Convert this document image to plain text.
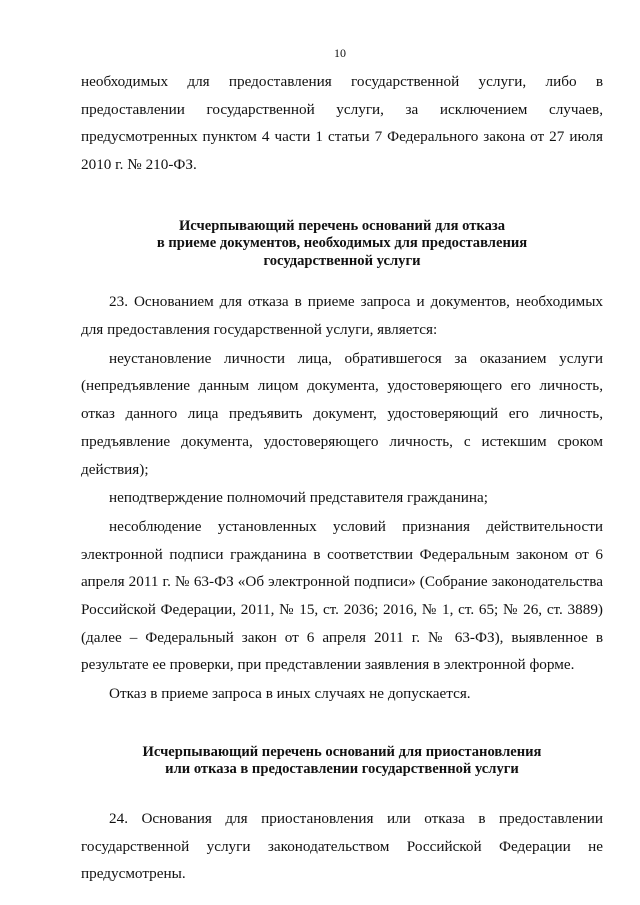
10

необходимых для предоставления государственной услуги, либо в предоставлении государственной услуги, за исключением случаев, предусмотренных пунктом 4 части 1 статьи 7 Федерального закона от 27 июля 2010 г. № 210-ФЗ.

Исчерпывающий перечень оснований для отказа
в приеме документов, необходимых для предоставления
государственной услуги

23. Основанием для отказа в приеме запроса и документов, необходимых для предоставления государственной услуги, является:

неустановление личности лица, обратившегося за оказанием услуги (непредъявление данным лицом документа, удостоверяющего его личность, отказ данного лица предъявить документ, удостоверяющий его личность, предъявление документа, удостоверяющего личность, с истекшим сроком действия);

неподтверждение полномочий представителя гражданина;

несоблюдение установленных условий признания действительности электронной подписи гражданина в соответствии Федеральным законом от 6 апреля 2011 г. № 63-ФЗ «Об электронной подписи» (Собрание законодательства Российской Федерации, 2011, № 15, ст. 2036; 2016, № 1, ст. 65; № 26, ст. 3889) (далее – Федеральный закон от 6 апреля 2011 г. № 63-ФЗ), выявленное в результате ее проверки, при представлении заявления в электронной форме.

Отказ в приеме запроса в иных случаях не допускается.

Исчерпывающий перечень оснований для приостановления
или отказа в предоставлении государственной услуги

24. Основания для приостановления или отказа в предоставлении государственной услуги законодательством Российской Федерации не предусмотрены.
